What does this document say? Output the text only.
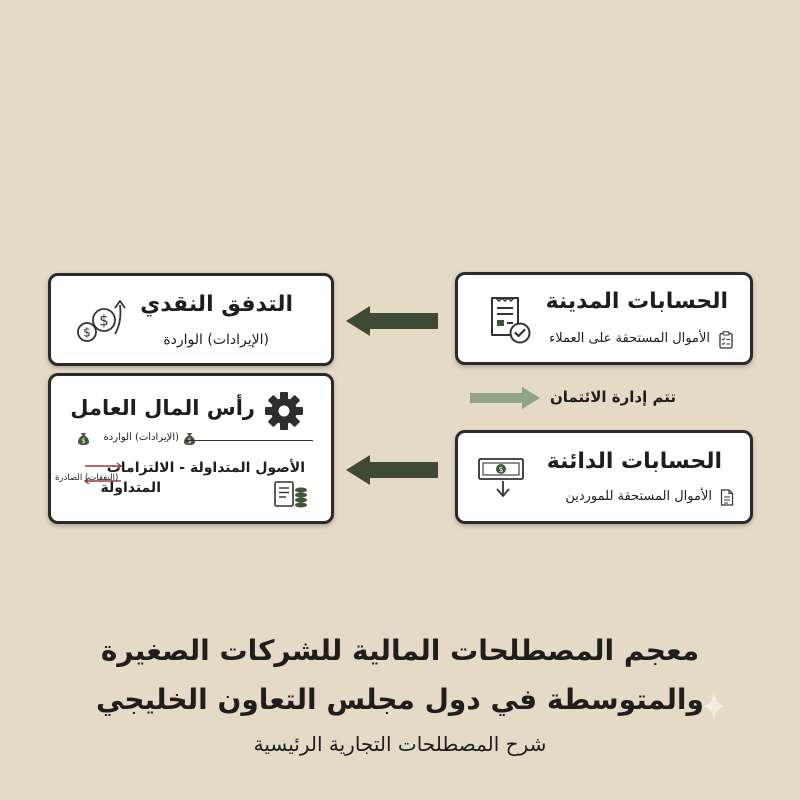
الحسابات المدينة
الأموال المستحقة على العملاء
التدفق النقدي
(الإيرادات) الواردة
$
$
رأس المال العامل
(الإيرادات) الواردة $
$
الأصول المتداولة - الالتزامات
المتداولة
(النفقات) الصادرة
الحسابات الدائنة
الأموال المستحقة للموردين
$
تتم إدارة الائتمان
معجم المصطلحات المالية للشركات الصغيرة
والمتوسطة في دول مجلس التعاون الخليجي
شرح المصطلحات التجارية الرئيسية
